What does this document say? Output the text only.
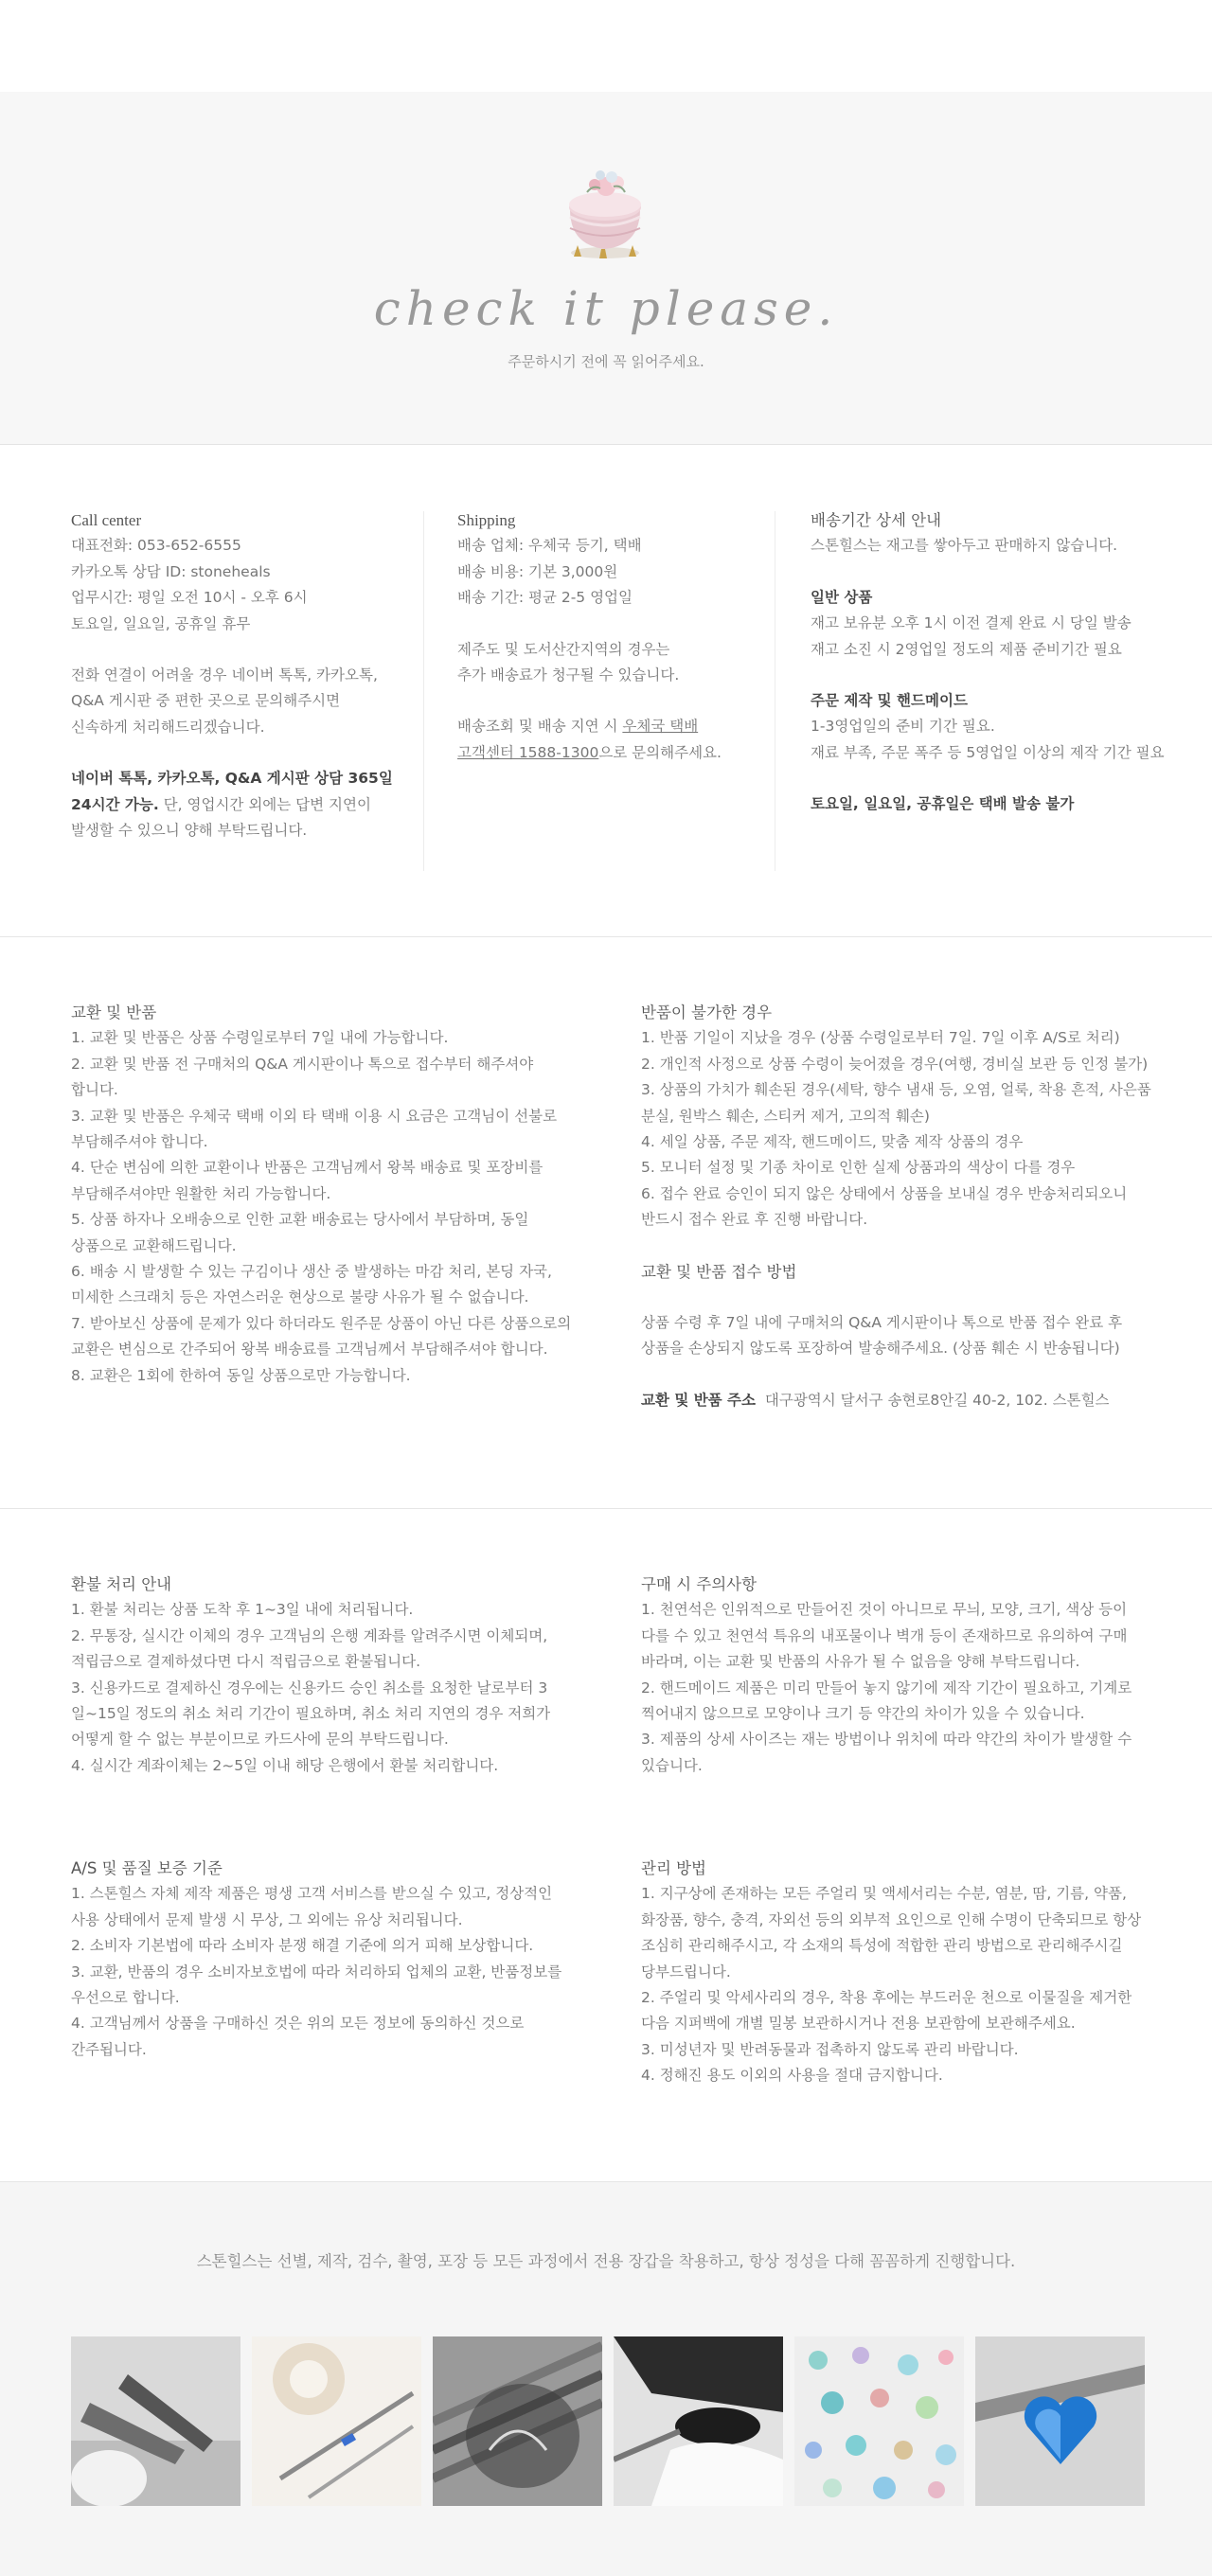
check it please.
주문하시기 전에 꼭 읽어주세요.

Call center

대표전화: 053-652-6555

카카오톡 상담 ID: stoneheals

업무시간: 평일 오전 10시 - 오후 6시

토요일, 일요일, 공휴일 휴무

전화 연결이 어려울 경우 네이버 톡톡, 카카오톡,

Q&A 게시판 중 편한 곳으로 문의해주시면

신속하게 처리해드리겠습니다.

네이버 톡톡, 카카오톡, Q&A 게시판 상담 365일

24시간 가능. 단, 영업시간 외에는 답변 지연이

발생할 수 있으니 양해 부탁드립니다.

Shipping

배송 업체: 우체국 등기, 택배

배송 비용: 기본 3,000원

배송 기간: 평균 2-5 영업일

제주도 및 도서산간지역의 경우는

추가 배송료가 청구될 수 있습니다.

배송조회 및 배송 지연 시 우체국 택배

고객센터 1588-1300으로 문의해주세요.

배송기간 상세 안내

스톤힐스는 재고를 쌓아두고 판매하지 않습니다.

일반 상품

재고 보유분 오후 1시 이전 결제 완료 시 당일 발송

재고 소진 시 2영업일 정도의 제품 준비기간 필요

주문 제작 및 핸드메이드

1-3영업일의 준비 기간 필요.

재료 부족, 주문 폭주 등 5영업일 이상의 제작 기간 필요

토요일, 일요일, 공휴일은 택배 발송 불가

교환 및 반품

1. 교환 및 반품은 상품 수령일로부터 7일 내에 가능합니다.

2. 교환 및 반품 전 구매처의 Q&A 게시판이나 톡으로 접수부터 해주셔야

합니다.

3. 교환 및 반품은 우체국 택배 이외 타 택배 이용 시 요금은 고객님이 선불로

부담해주셔야 합니다.

4. 단순 변심에 의한 교환이나 반품은 고객님께서 왕복 배송료 및 포장비를

부담해주셔야만 원활한 처리 가능합니다.

5. 상품 하자나 오배송으로 인한 교환 배송료는 당사에서 부담하며, 동일

상품으로 교환해드립니다.

6. 배송 시 발생할 수 있는 구김이나 생산 중 발생하는 마감 처리, 본딩 자국,

미세한 스크래치 등은 자연스러운 현상으로 불량 사유가 될 수 없습니다.

7. 받아보신 상품에 문제가 있다 하더라도 원주문 상품이 아닌 다른 상품으로의

교환은 변심으로 간주되어 왕복 배송료를 고객님께서 부담해주셔야 합니다.

8. 교환은 1회에 한하여 동일 상품으로만 가능합니다.

반품이 불가한 경우

1. 반품 기일이 지났을 경우 (상품 수령일로부터 7일. 7일 이후 A/S로 처리)

2. 개인적 사정으로 상품 수령이 늦어졌을 경우(여행, 경비실 보관 등 인정 불가)

3. 상품의 가치가 훼손된 경우(세탁, 향수 냄새 등, 오염, 얼룩, 착용 흔적, 사은품

분실, 원박스 훼손, 스티커 제거, 고의적 훼손)

4. 세일 상품, 주문 제작, 핸드메이드, 맞춤 제작 상품의 경우

5. 모니터 설정 및 기종 차이로 인한 실제 상품과의 색상이 다를 경우

6. 접수 완료 승인이 되지 않은 상태에서 상품을 보내실 경우 반송처리되오니

반드시 접수 완료 후 진행 바랍니다.

교환 및 반품 접수 방법

상품 수령 후 7일 내에 구매처의 Q&A 게시판이나 톡으로 반품 접수 완료 후

상품을 손상되지 않도록 포장하여 발송해주세요. (상품 훼손 시 반송됩니다)

교환 및 반품 주소 대구광역시 달서구 송현로8안길 40-2, 102. 스톤힐스

환불 처리 안내

1. 환불 처리는 상품 도착 후 1~3일 내에 처리됩니다.

2. 무통장, 실시간 이체의 경우 고객님의 은행 계좌를 알려주시면 이체되며,

적립금으로 결제하셨다면 다시 적립금으로 환불됩니다.

3. 신용카드로 결제하신 경우에는 신용카드 승인 취소를 요청한 날로부터 3

일~15일 정도의 취소 처리 기간이 필요하며, 취소 처리 지연의 경우 저희가

어떻게 할 수 없는 부분이므로 카드사에 문의 부탁드립니다.

4. 실시간 계좌이체는 2~5일 이내 해당 은행에서 환불 처리합니다.

구매 시 주의사항

1. 천연석은 인위적으로 만들어진 것이 아니므로 무늬, 모양, 크기, 색상 등이

다를 수 있고 천연석 특유의 내포물이나 벽개 등이 존재하므로 유의하여 구매

바라며, 이는 교환 및 반품의 사유가 될 수 없음을 양해 부탁드립니다.

2. 핸드메이드 제품은 미리 만들어 놓지 않기에 제작 기간이 필요하고, 기계로

찍어내지 않으므로 모양이나 크기 등 약간의 차이가 있을 수 있습니다.

3. 제품의 상세 사이즈는 재는 방법이나 위치에 따라 약간의 차이가 발생할 수

있습니다.

A/S 및 품질 보증 기준

1. 스톤힐스 자체 제작 제품은 평생 고객 서비스를 받으실 수 있고, 정상적인

사용 상태에서 문제 발생 시 무상, 그 외에는 유상 처리됩니다.

2. 소비자 기본법에 따라 소비자 분쟁 해결 기준에 의거 피해 보상합니다.

3. 교환, 반품의 경우 소비자보호법에 따라 처리하되 업체의 교환, 반품정보를

우선으로 합니다.

4. 고객님께서 상품을 구매하신 것은 위의 모든 정보에 동의하신 것으로

간주됩니다.

관리 방법

1. 지구상에 존재하는 모든 주얼리 및 액세서리는 수분, 염분, 땀, 기름, 약품,

화장품, 향수, 충격, 자외선 등의 외부적 요인으로 인해 수명이 단축되므로 항상

조심히 관리해주시고, 각 소재의 특성에 적합한 관리 방법으로 관리해주시길

당부드립니다.

2. 주얼리 및 악세사리의 경우, 착용 후에는 부드러운 천으로 이물질을 제거한

다음 지퍼백에 개별 밀봉 보관하시거나 전용 보관함에 보관해주세요.

3. 미성년자 및 반려동물과 접촉하지 않도록 관리 바랍니다.

4. 정해진 용도 이외의 사용을 절대 금지합니다.

스톤힐스는 선별, 제작, 검수, 촬영, 포장 등 모든 과정에서 전용 장갑을 착용하고, 항상 정성을 다해 꼼꼼하게 진행합니다.
